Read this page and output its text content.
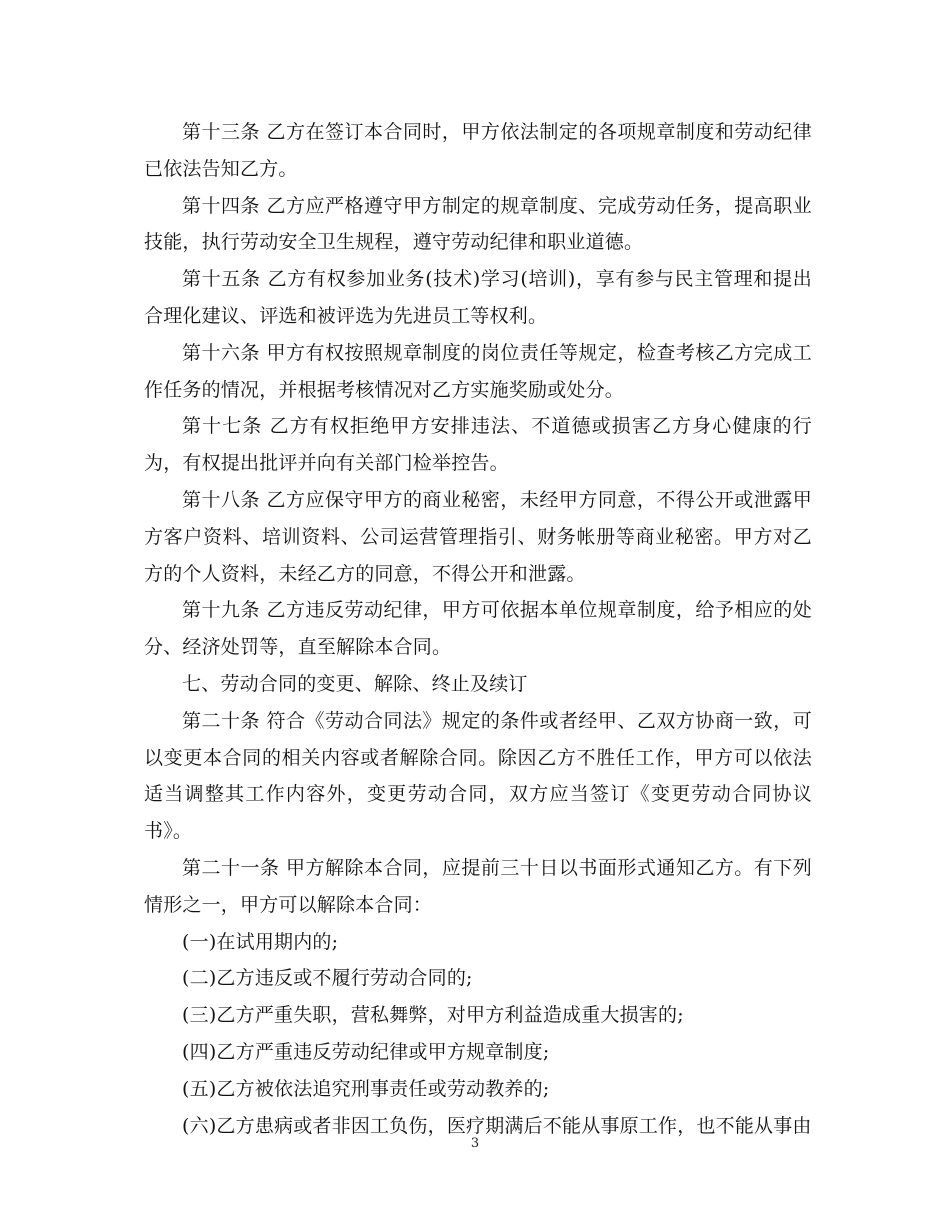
第十三条 乙方在签订本合同时，甲方依法制定的各项规章制度和劳动纪律已依法告知乙方。

第十四条 乙方应严格遵守甲方制定的规章制度、完成劳动任务，提高职业技能，执行劳动安全卫生规程，遵守劳动纪律和职业道德。

第十五条 乙方有权参加业务(技术)学习(培训)，享有参与民主管理和提出合理化建议、评选和被评选为先进员工等权利。

第十六条 甲方有权按照规章制度的岗位责任等规定，检查考核乙方完成工作任务的情况，并根据考核情况对乙方实施奖励或处分。

第十七条 乙方有权拒绝甲方安排违法、不道德或损害乙方身心健康的行为，有权提出批评并向有关部门检举控告。

第十八条 乙方应保守甲方的商业秘密，未经甲方同意，不得公开或泄露甲方客户资料、培训资料、公司运营管理指引、财务帐册等商业秘密。甲方对乙方的个人资料，未经乙方的同意，不得公开和泄露。

第十九条 乙方违反劳动纪律，甲方可依据本单位规章制度，给予相应的处分、经济处罚等，直至解除本合同。

七、劳动合同的变更、解除、终止及续订

第二十条 符合《劳动合同法》规定的条件或者经甲、乙双方协商一致，可以变更本合同的相关内容或者解除合同。除因乙方不胜任工作，甲方可以依法适当调整其工作内容外，变更劳动合同，双方应当签订《变更劳动合同协议书》。

第二十一条 甲方解除本合同，应提前三十日以书面形式通知乙方。有下列情形之一，甲方可以解除本合同：

(一)在试用期内的;

(二)乙方违反或不履行劳动合同的;

(三)乙方严重失职，营私舞弊，对甲方利益造成重大损害的;

(四)乙方严重违反劳动纪律或甲方规章制度;

(五)乙方被依法追究刑事责任或劳动教养的;

(六)乙方患病或者非因工负伤，医疗期满后不能从事原工作，也不能从事由

3
